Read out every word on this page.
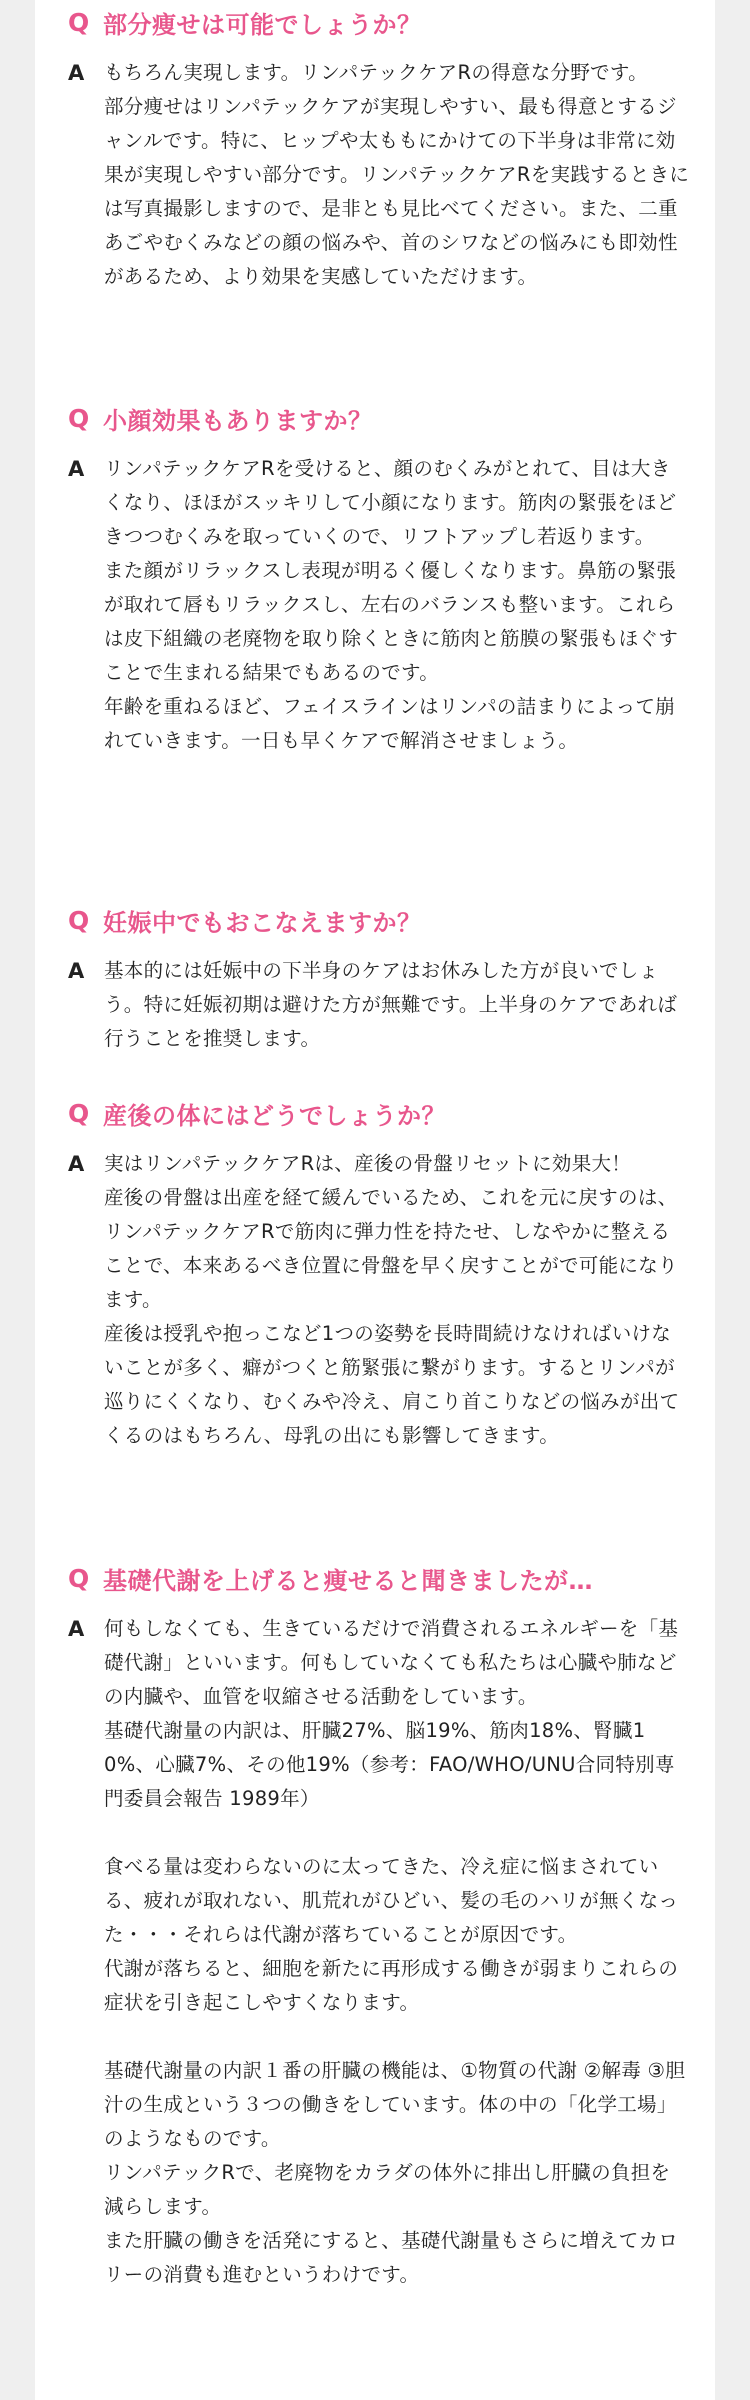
Q 部分痩せは可能でしょうか？
A	もちろん実現します。リンパテックケアRの得意な分野です。

部分痩せはリンパテックケアが実現しやすい、最も得意とするジャンルです。特に、ヒップや太ももにかけての下半身は非常に効果が実現しやすい部分です。リンパテックケアRを実践するときには写真撮影しますので、是非とも見比べてください。また、二重あごやむくみなどの顔の悩みや、首のシワなどの悩みにも即効性があるため、より効果を実感していただけます。

Q 小顔効果もありますか？
A	リンパテックケアRを受けると、顔のむくみがとれて、目は大きくなり、ほほがスッキリして小顔になります。筋肉の緊張をほどきつつむくみを取っていくので、リフトアップし若返ります。

また顔がリラックスし表現が明るく優しくなります。鼻筋の緊張が取れて唇もリラックスし、左右のバランスも整います。これらは皮下組織の老廃物を取り除くときに筋肉と筋膜の緊張もほぐすことで生まれる結果でもあるのです。

年齢を重ねるほど、フェイスラインはリンパの詰まりによって崩れていきます。一日も早くケアで解消させましょう。

Q 妊娠中でもおこなえますか？
A	基本的には妊娠中の下半身のケアはお休みした方が良いでしょう。特に妊娠初期は避けた方が無難です。上半身のケアであれば行うことを推奨します。

Q 産後の体にはどうでしょうか？
A	実はリンパテックケアRは、産後の骨盤リセットに効果大！

産後の骨盤は出産を経て緩んでいるため、これを元に戻すのは、リンパテックケアRで筋肉に弾力性を持たせ、しなやかに整えることで、本来あるべき位置に骨盤を早く戻すことがで可能になります。

産後は授乳や抱っこなど1つの姿勢を長時間続けなければいけないことが多く、癖がつくと筋緊張に繋がります。するとリンパが巡りにくくなり、むくみや冷え、肩こり首こりなどの悩みが出てくるのはもちろん、母乳の出にも影響してきます。

Q 基礎代謝を上げると痩せると聞きましたが…
A	何もしなくても、生きているだけで消費されるエネルギーを「基礎代謝」といいます。何もしていなくても私たちは心臓や肺などの内臓や、血管を収縮させる活動をしています。

基礎代謝量の内訳は、肝臓27%、脳19%、筋肉18%、腎臓10%、心臓7%、その他19%（参考：FAO/WHO/UNU合同特別専門委員会報告 1989年）

食べる量は変わらないのに太ってきた、冷え症に悩まされている、疲れが取れない、肌荒れがひどい、髪の毛のハリが無くなった・・・それらは代謝が落ちていることが原因です。

代謝が落ちると、細胞を新たに再形成する働きが弱まりこれらの症状を引き起こしやすくなります。

基礎代謝量の内訳１番の肝臓の機能は、①物質の代謝 ②解毒 ③胆汁の生成という３つの働きをしています。体の中の「化学工場」のようなものです。

リンパテックRで、老廃物をカラダの体外に排出し肝臓の負担を減らします。

また肝臓の働きを活発にすると、基礎代謝量もさらに増えてカロリーの消費も進むというわけです。
